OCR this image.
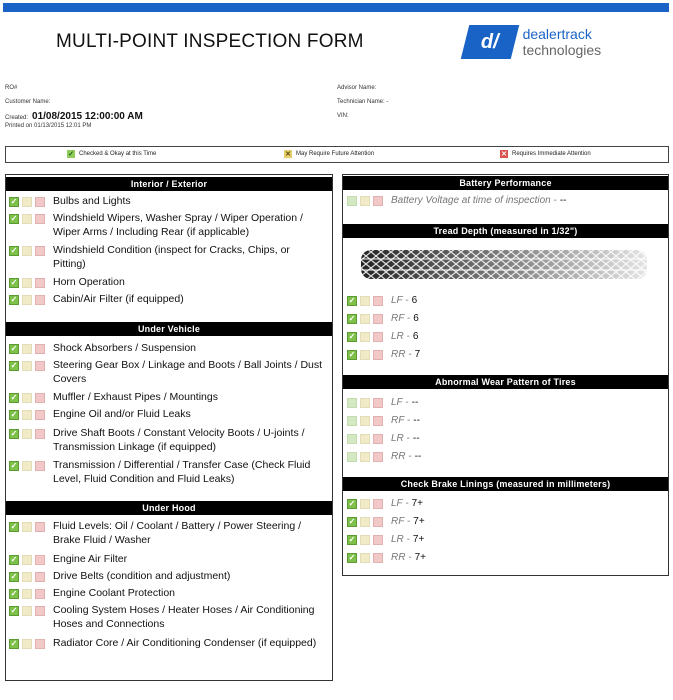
MULTI-POINT INSPECTION FORM	d/ dealertrack technologies
RO#
Customer Name:
Created: 01/08/2015 12:00:00 AM
Printed on 01/13/2015 12:01 PM
Advisor Name:
Technician Name: -
VIN:
✓ Checked & Okay at this Time	✕ May Require Future Attention	✕ Requires Immediate Attention
Interior / Exterior
Under Vehicle
Under Hood
✓	Bulbs and Lights
✓	Windshield Wipers, Washer Spray / Wiper Operation / Wiper Arms / Including Rear (if applicable)
✓	Windshield Condition (inspect for Cracks, Chips, or Pitting)
✓	Horn Operation
✓	Cabin/Air Filter (if equipped)
✓	Shock Absorbers / Suspension
✓	Steering Gear Box / Linkage and Boots / Ball Joints / Dust Covers
✓	Muffler / Exhaust Pipes / Mountings
✓	Engine Oil and/or Fluid Leaks
✓	Drive Shaft Boots / Constant Velocity Boots / U-joints / Transmission Linkage (if equipped)
✓	Transmission / Differential / Transfer Case (Check Fluid Level, Fluid Condition and Fluid Leaks)
✓	Fluid Levels: Oil / Coolant / Battery / Power Steering / Brake Fluid / Washer
✓	Engine Air Filter
✓	Drive Belts (condition and adjustment)
✓	Engine Coolant Protection
✓	Cooling System Hoses / Heater Hoses / Air Conditioning Hoses and Connections
✓	Radiator Core / Air Conditioning Condenser (if equipped)
Battery Performance
Battery Voltage at time of inspection - --
Tread Depth (measured in 1/32")
✓	LF - 6
✓	RF - 6
✓	LR - 6
✓	RR - 7
Abnormal Wear Pattern of Tires
LF - --
RF - --
LR - --
RR - --
Check Brake Linings (measured in millimeters)
✓	LF - 7+
✓	RF - 7+
✓	LR - 7+
✓	RR - 7+
